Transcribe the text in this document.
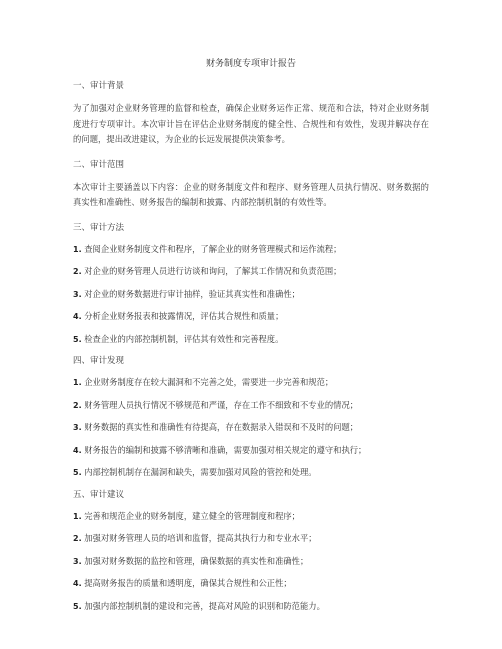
财务制度专项审计报告
一、审计背景
为了加强对企业财务管理的监督和检查，确保企业财务运作正常、规范和合法，特对企业财务制度进行专项审计。本次审计旨在评估企业财务制度的健全性、合规性和有效性，发现并解决存在的问题，提出改进建议，为企业的长远发展提供决策参考。
二、审计范围
本次审计主要涵盖以下内容：企业的财务制度文件和程序、财务管理人员执行情况、财务数据的真实性和准确性、财务报告的编制和披露、内部控制机制的有效性等。
三、审计方法
1. 查阅企业财务制度文件和程序，了解企业的财务管理模式和运作流程；
2. 对企业的财务管理人员进行访谈和询问，了解其工作情况和负责范围；
3. 对企业的财务数据进行审计抽样，验证其真实性和准确性；
4. 分析企业财务报表和披露情况，评估其合规性和质量；
5. 检查企业的内部控制机制，评估其有效性和完善程度。
四、审计发现
1. 企业财务制度存在较大漏洞和不完善之处，需要进一步完善和规范；
2. 财务管理人员执行情况不够规范和严谨，存在工作不细致和不专业的情况；
3. 财务数据的真实性和准确性有待提高，存在数据录入错误和不及时的问题；
4. 财务报告的编制和披露不够清晰和准确，需要加强对相关规定的遵守和执行；
5. 内部控制机制存在漏洞和缺失，需要加强对风险的管控和处理。
五、审计建议
1. 完善和规范企业的财务制度，建立健全的管理制度和程序；
2. 加强对财务管理人员的培训和监督，提高其执行力和专业水平；
3. 加强对财务数据的监控和管理，确保数据的真实性和准确性；
4. 提高财务报告的质量和透明度，确保其合规性和公正性；
5. 加强内部控制机制的建设和完善，提高对风险的识别和防范能力。
